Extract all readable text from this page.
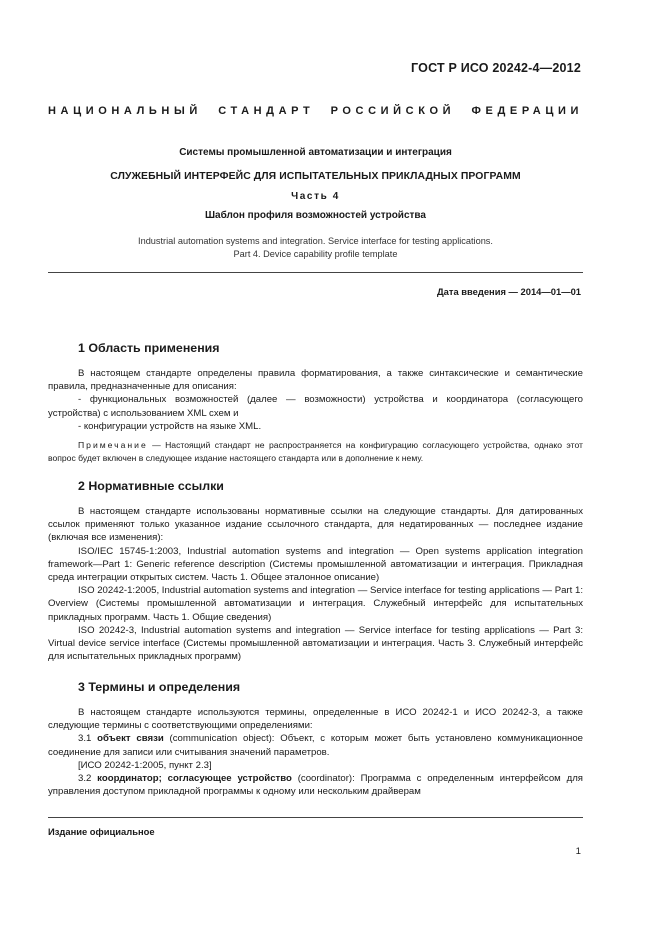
ГОСТ Р ИСО 20242-4—2012
НАЦИОНАЛЬНЫЙ СТАНДАРТ РОССИЙСКОЙ ФЕДЕРАЦИИ
Системы промышленной автоматизации и интеграция
СЛУЖЕБНЫЙ ИНТЕРФЕЙС ДЛЯ ИСПЫТАТЕЛЬНЫХ ПРИКЛАДНЫХ ПРОГРАММ
Часть 4
Шаблон профиля возможностей устройства
Industrial automation systems and integration. Service interface for testing applications.
Part 4. Device capability profile template
Дата введения — 2014—01—01
1 Область применения

В настоящем стандарте определены правила форматирования, а также синтаксические и семантические правила, предназначенные для описания:

- функциональных возможностей (далее — возможности) устройства и координатора (согласующего устройства) с использованием XML схем и

- конфигурации устройств на языке XML.

Примечание — Настоящий стандарт не распространяется на конфигурацию согласующего устройства, однако этот вопрос будет включен в следующее издание настоящего стандарта или в дополнение к нему.

2 Нормативные ссылки

В настоящем стандарте использованы нормативные ссылки на следующие стандарты. Для датированных ссылок применяют только указанное издание ссылочного стандарта, для недатированных — последнее издание (включая все изменения):

ISO/IEC 15745-1:2003, Industrial automation systems and integration — Open systems application integration framework—Part 1: Generic reference description (Системы промышленной автоматизации и интеграция. Прикладная среда интеграции открытых систем. Часть 1. Общее эталонное описание)

ISO 20242-1:2005, Industrial automation systems and integration — Service interface for testing applications — Part 1: Overview (Системы промышленной автоматизации и интеграция. Служебный интерфейс для испытательных прикладных программ. Часть 1. Общие сведения)

ISO 20242-3, Industrial automation systems and integration — Service interface for testing applications — Part 3: Virtual device service interface (Системы промышленной автоматизации и интеграция. Часть 3. Служебный интерфейс для испытательных прикладных программ)

3 Термины и определения

В настоящем стандарте используются термины, определенные в ИСО 20242-1 и ИСО 20242-3, а также следующие термины с соответствующими определениями:

3.1 объект связи (communication object): Объект, с которым может быть установлено коммуникационное соединение для записи или считывания значений параметров.

[ИСО 20242-1:2005, пункт 2.3]

3.2 координатор; согласующее устройство (coordinator): Программа с определенным интерфейсом для управления доступом прикладной программы к одному или нескольким драйверам

Издание официальное
1
